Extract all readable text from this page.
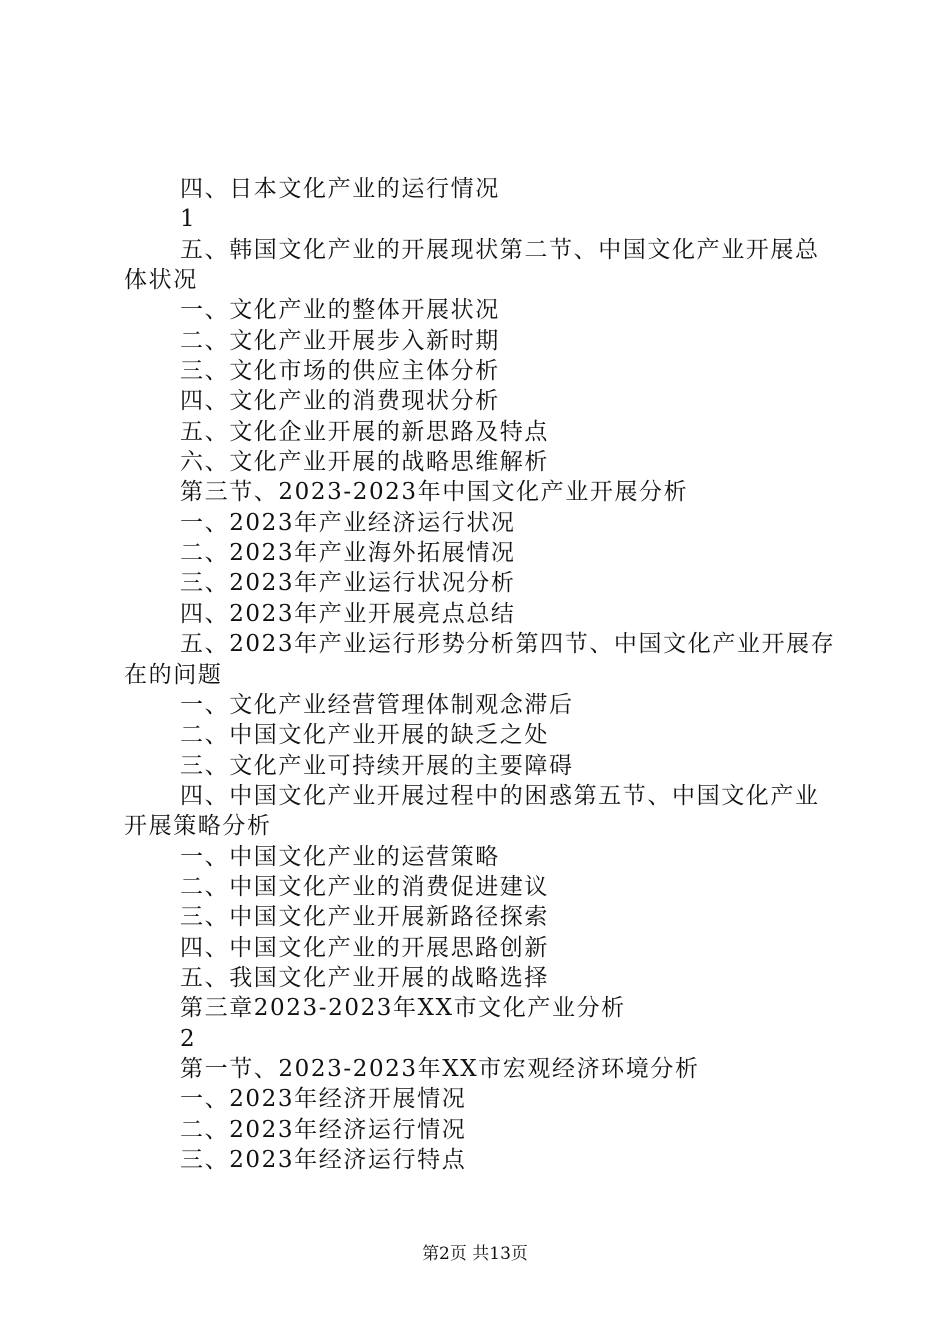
四、日本文化产业的运行情况
1
五、韩国文化产业的开展现状第二节、中国文化产业开展总
体状况
一、文化产业的整体开展状况
二、文化产业开展步入新时期
三、文化市场的供应主体分析
四、文化产业的消费现状分析
五、文化企业开展的新思路及特点
六、文化产业开展的战略思维解析
第三节、2023-2023年中国文化产业开展分析
一、2023年产业经济运行状况
二、2023年产业海外拓展情况
三、2023年产业运行状况分析
四、2023年产业开展亮点总结
五、2023年产业运行形势分析第四节、中国文化产业开展存
在的问题
一、文化产业经营管理体制观念滞后
二、中国文化产业开展的缺乏之处
三、文化产业可持续开展的主要障碍
四、中国文化产业开展过程中的困惑第五节、中国文化产业
开展策略分析
一、中国文化产业的运营策略
二、中国文化产业的消费促进建议
三、中国文化产业开展新路径探索
四、中国文化产业的开展思路创新
五、我国文化产业开展的战略选择
第三章2023-2023年XX市文化产业分析
2
第一节、2023-2023年XX市宏观经济环境分析
一、2023年经济开展情况
二、2023年经济运行情况
三、2023年经济运行特点
第2页 共13页
